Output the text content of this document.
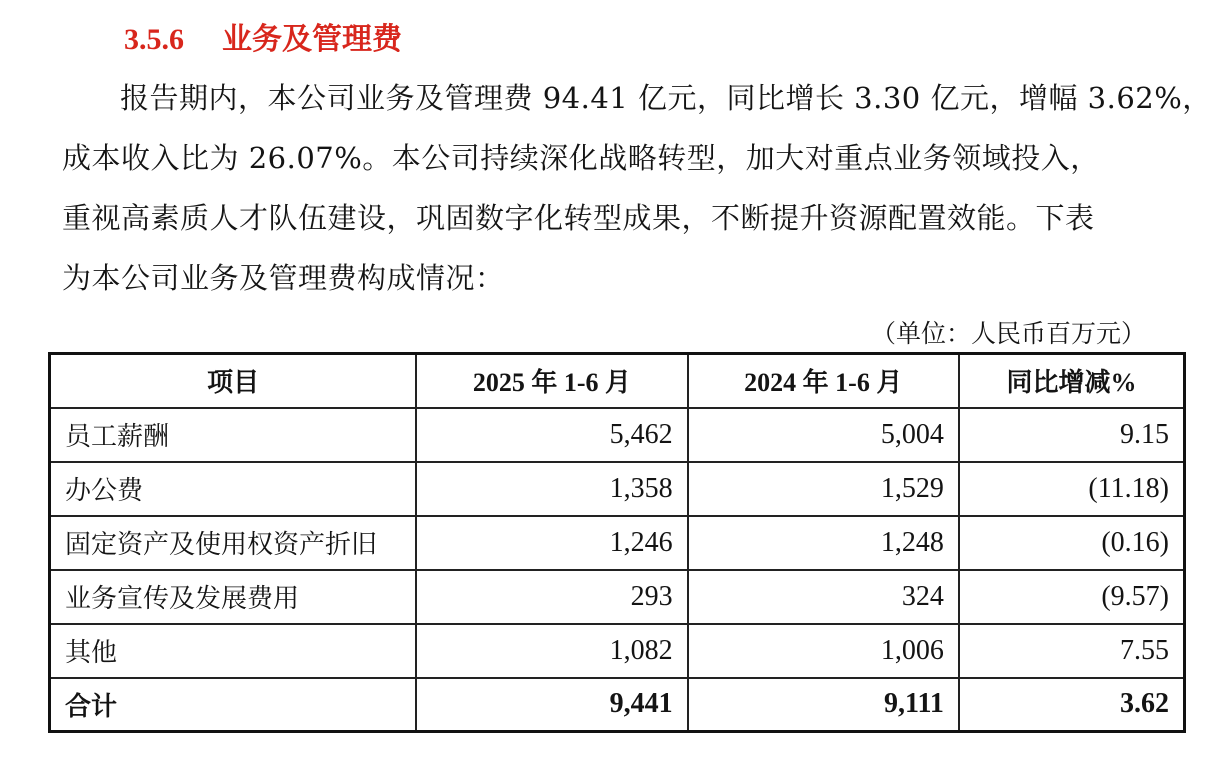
3.5.6 业务及管理费
报告期内，本公司业务及管理费 94.41 亿元，同比增长 3.30 亿元，增幅 3.62%，
成本收入比为 26.07%。本公司持续深化战略转型，加大对重点业务领域投入，
重视高素质人才队伍建设，巩固数字化转型成果，不断提升资源配置效能。下表
为本公司业务及管理费构成情况：
（单位：人民币百万元）
项目	2025 年 1-6 月	2024 年 1-6 月	同比增减%
员工薪酬	5,462	5,004	9.15
办公费	1,358	1,529	(11.18)
固定资产及使用权资产折旧	1,246	1,248	(0.16)
业务宣传及发展费用	293	324	(9.57)
其他	1,082	1,006	7.55
合计	9,441	9,111	3.62
